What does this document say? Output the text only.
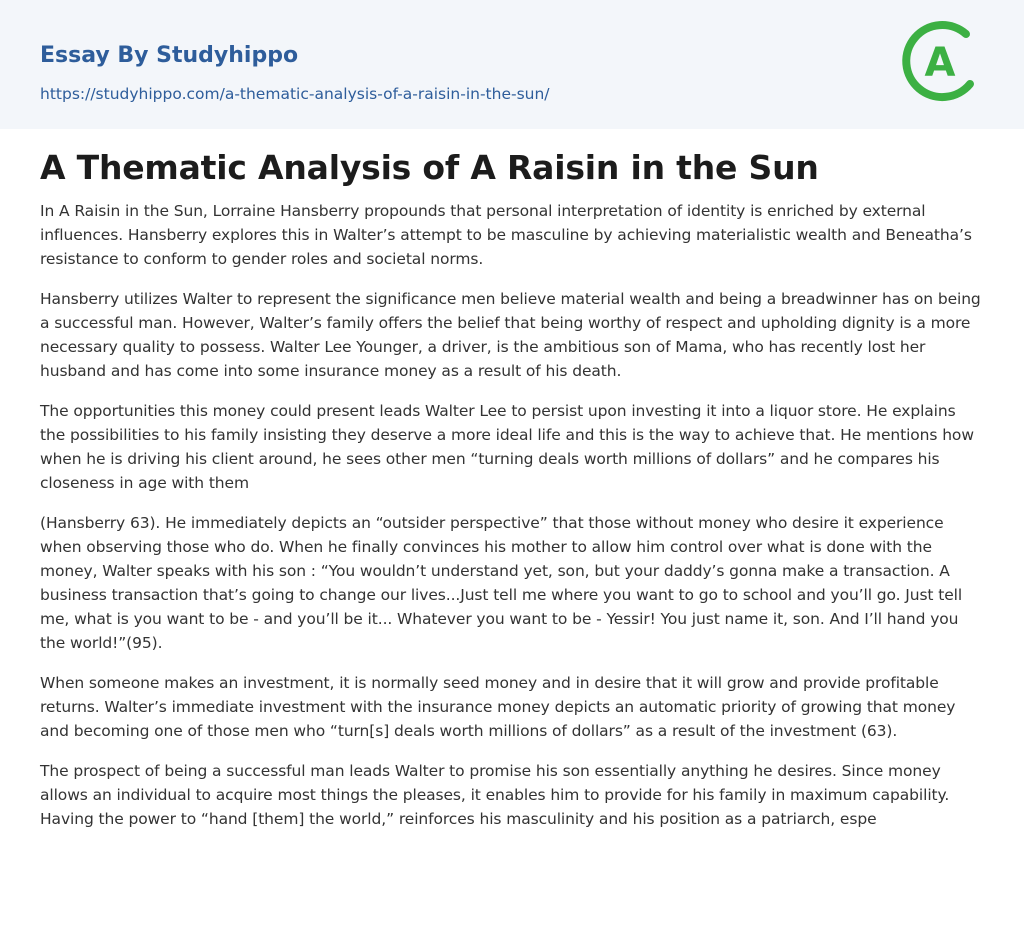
Essay By Studyhippo
https://studyhippo.com/a-thematic-analysis-of-a-raisin-in-the-sun/
A
A Thematic Analysis of A Raisin in the Sun

In A Raisin in the Sun, Lorraine Hansberry propounds that personal interpretation of identity is enriched by external influences. Hansberry explores this in Walter’s attempt to be masculine by achieving materialistic wealth and Beneatha’s resistance to conform to gender roles and societal norms.

Hansberry utilizes Walter to represent the significance men believe material wealth and being a breadwinner has on being a successful man. However, Walter’s family offers the belief that being worthy of respect and upholding dignity is a more necessary quality to possess. Walter Lee Younger, a driver, is the ambitious son of Mama, who has recently lost her husband and has come into some insurance money as a result of his death.

The opportunities this money could present leads Walter Lee to persist upon investing it into a liquor store. He explains the possibilities to his family insisting they deserve a more ideal life and this is the way to achieve that. He mentions how when he is driving his client around, he sees other men “turning deals worth millions of dollars” and he compares his closeness in age with them

(Hansberry 63). He immediately depicts an “outsider perspective” that those without money who desire it experience when observing those who do. When he finally convinces his mother to allow him control over what is done with the money, Walter speaks with his son : “You wouldn’t understand yet, son, but your daddy’s gonna make a transaction. A business transaction that’s going to change our lives...Just tell me where you want to go to school and you’ll go. Just tell me, what is you want to be - and you’ll be it... Whatever you want to be - Yessir! You just name it, son. And I’ll hand you the world!”(95).

When someone makes an investment, it is normally seed money and in desire that it will grow and provide profitable returns. Walter’s immediate investment with the insurance money depicts an automatic priority of growing that money and becoming one of those men who “turn[s] deals worth millions of dollars” as a result of the investment (63).

The prospect of being a successful man leads Walter to promise his son essentially anything he desires. Since money allows an individual to acquire most things the pleases, it enables him to provide for his family in maximum capability. Having the power to “hand [them] the world,” reinforces his masculinity and his position as a patriarch, espe
